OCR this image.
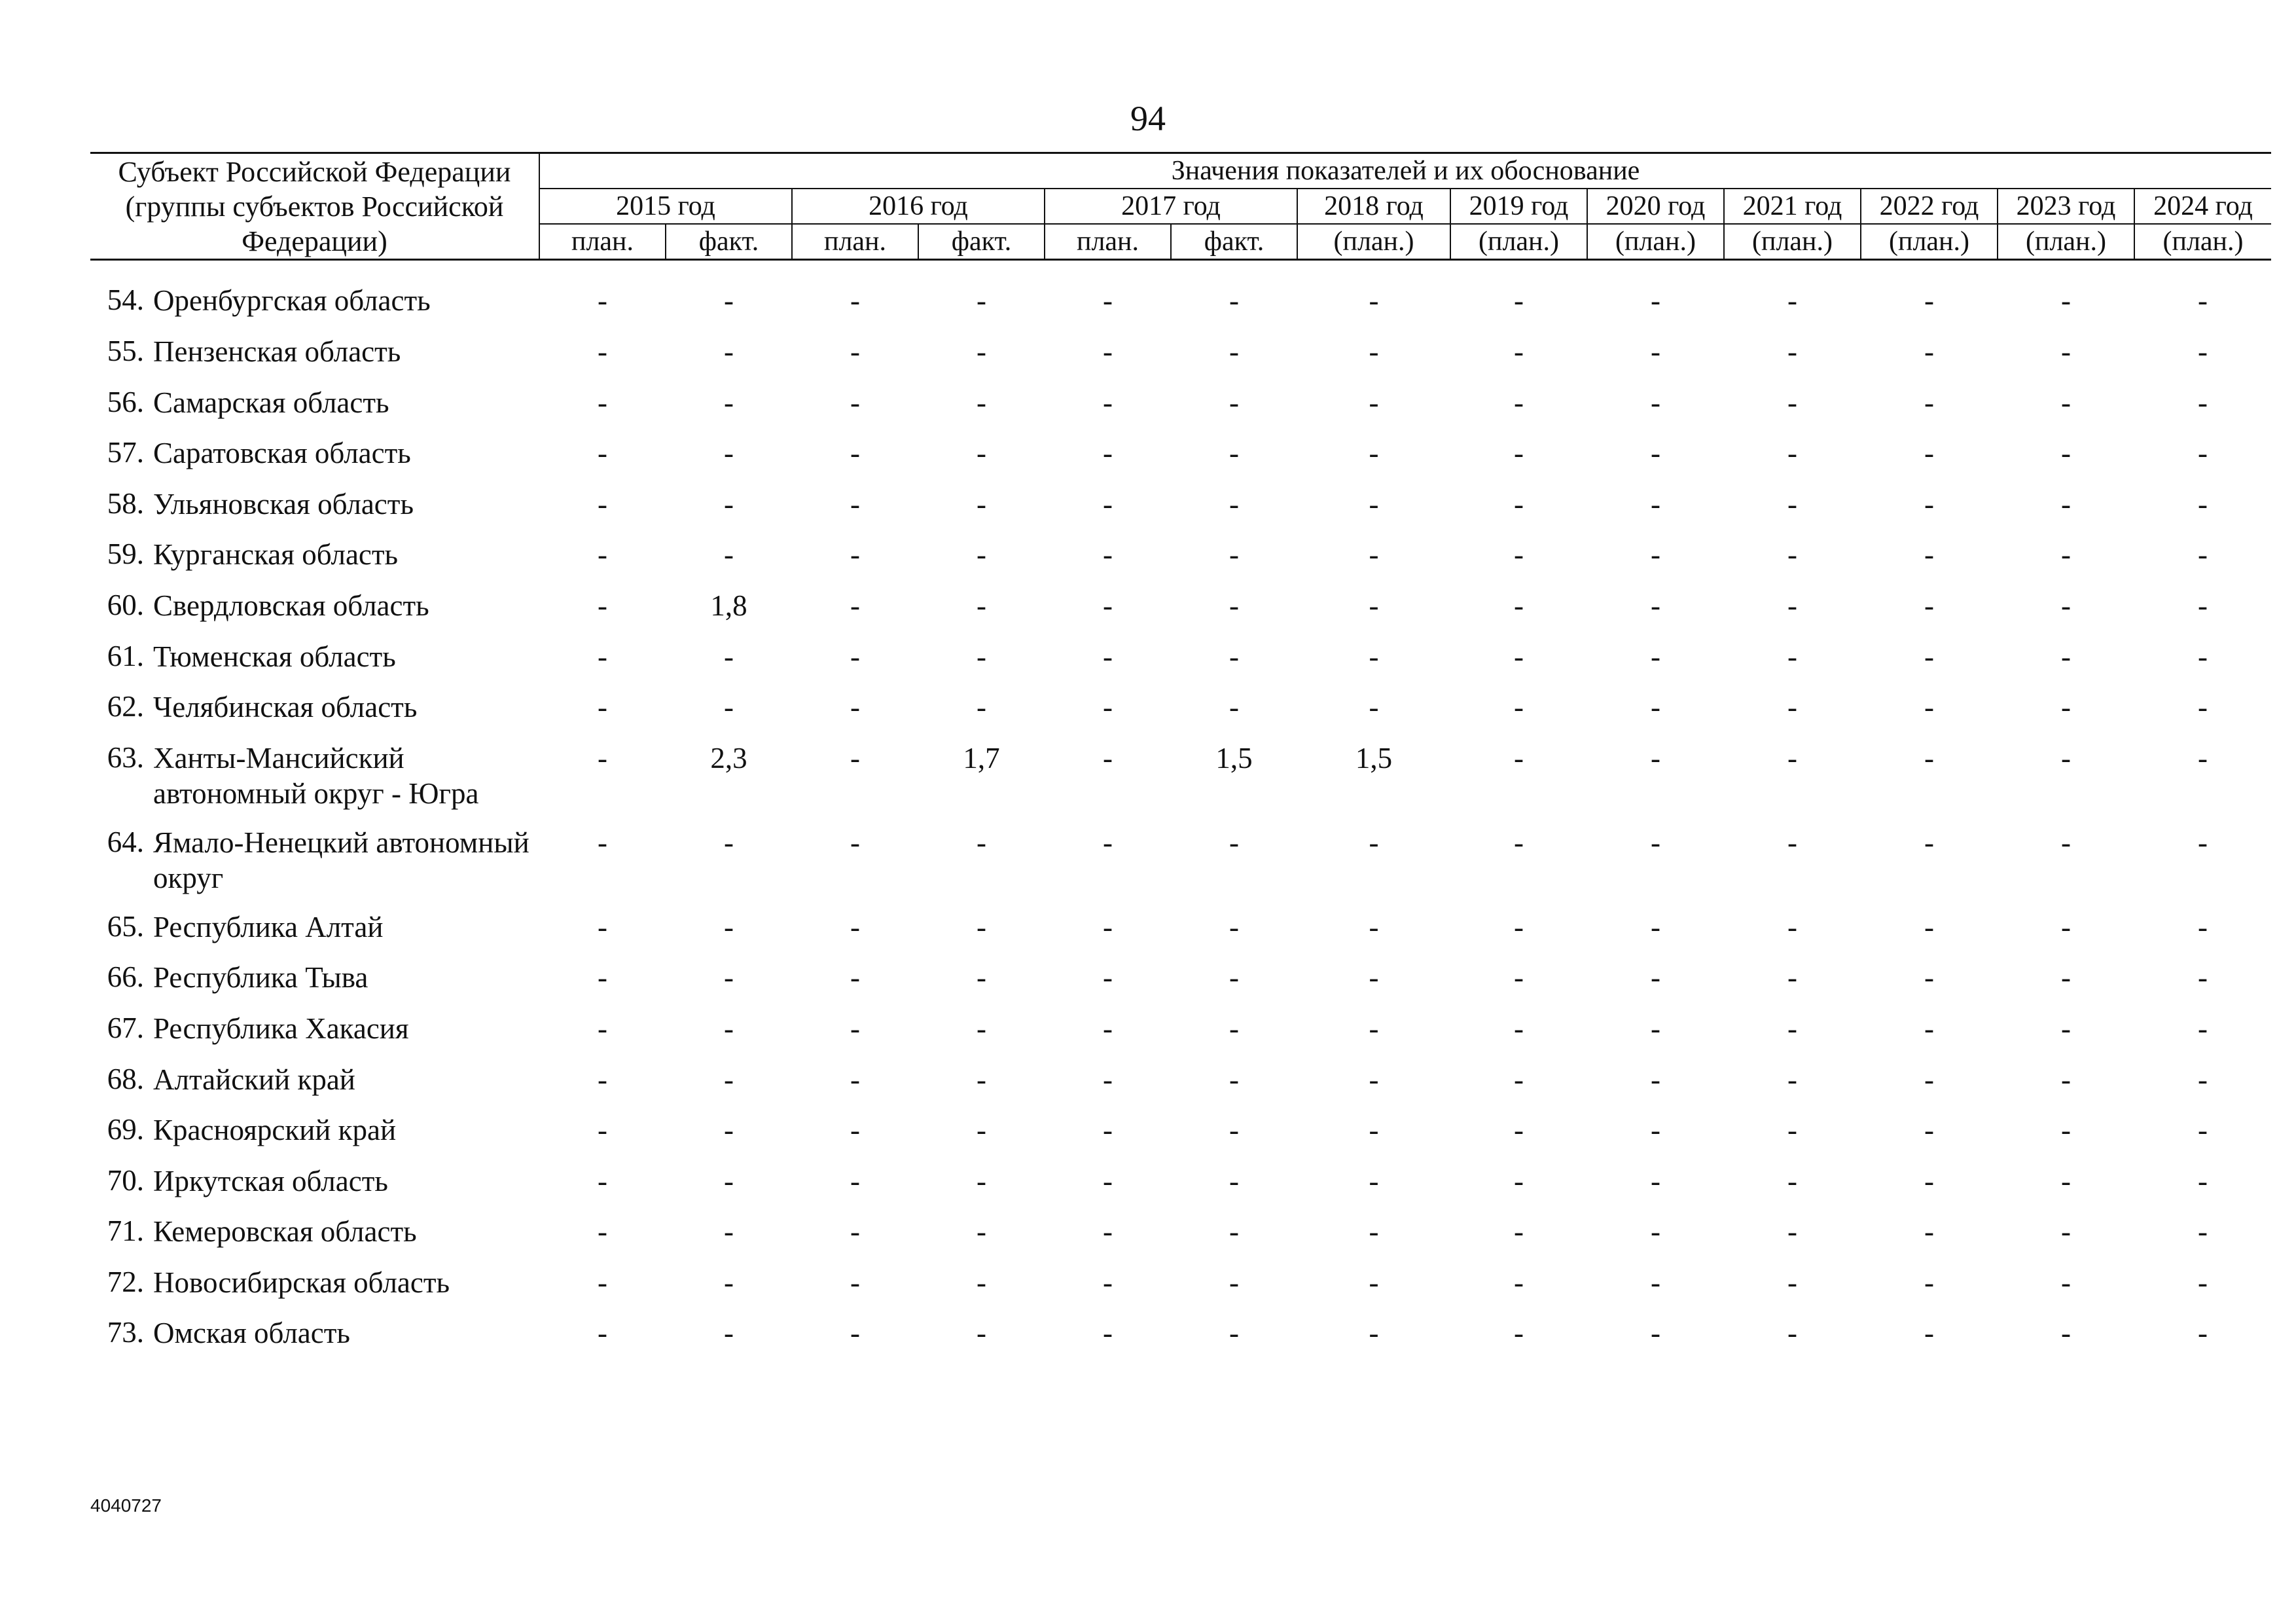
94
Субъект Российской Федерации (группы субъектов Российской Федерации)	Значения показателей и их обоснование												
	2015 год		2016 год		2017 год		2018 год	2019 год	2020 год	2021 год	2022 год	2023 год	2024 год
	план.	факт.	план.	факт.	план.	факт.	(план.)	(план.)	(план.)	(план.)	(план.)	(план.)	(план.)
54.	Оренбургская область	-	-	-	-	-	-	-	-	-	-	-	-	-
55.	Пензенская область	-	-	-	-	-	-	-	-	-	-	-	-	-
56.	Самарская область	-	-	-	-	-	-	-	-	-	-	-	-	-
57.	Саратовская область	-	-	-	-	-	-	-	-	-	-	-	-	-
58.	Ульяновская область	-	-	-	-	-	-	-	-	-	-	-	-	-
59.	Курганская область	-	-	-	-	-	-	-	-	-	-	-	-	-
60.	Свердловская область	-	1,8	-	-	-	-	-	-	-	-	-	-	-
61.	Тюменская область	-	-	-	-	-	-	-	-	-	-	-	-	-
62.	Челябинская область	-	-	-	-	-	-	-	-	-	-	-	-	-
63.	Ханты-Мансийский автономный округ - Югра	-	2,3	-	1,7	-	1,5	1,5	-	-	-	-	-	-
64.	Ямало-Ненецкий автономный округ	-	-	-	-	-	-	-	-	-	-	-	-	-
65.	Республика Алтай	-	-	-	-	-	-	-	-	-	-	-	-	-
66.	Республика Тыва	-	-	-	-	-	-	-	-	-	-	-	-	-
67.	Республика Хакасия	-	-	-	-	-	-	-	-	-	-	-	-	-
68.	Алтайский край	-	-	-	-	-	-	-	-	-	-	-	-	-
69.	Красноярский край	-	-	-	-	-	-	-	-	-	-	-	-	-
70.	Иркутская область	-	-	-	-	-	-	-	-	-	-	-	-	-
71.	Кемеровская область	-	-	-	-	-	-	-	-	-	-	-	-	-
72.	Новосибирская область	-	-	-	-	-	-	-	-	-	-	-	-	-
73.	Омская область	-	-	-	-	-	-	-	-	-	-	-	-	-
4040727
